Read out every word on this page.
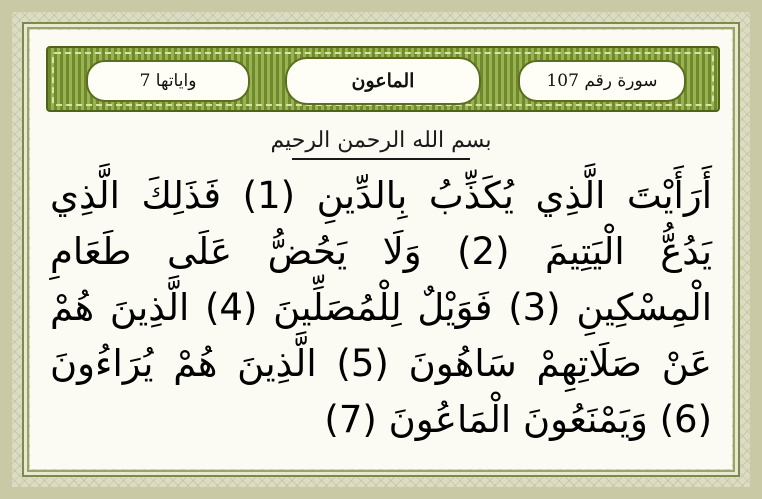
وایاتها 7	الماعون	سورة رقم 107
بسم الله الرحمن الرحيم

أَرَأَيْتَ الَّذِي يُكَذِّبُ بِالدِّينِ (1) فَذَلِكَ الَّذِي يَدُعُّ الْيَتِيمَ (2) وَلَا يَحُضُّ عَلَى طَعَامِ الْمِسْكِينِ (3) فَوَيْلٌ لِلْمُصَلِّينَ (4) الَّذِينَ هُمْ عَنْ صَلَاتِهِمْ سَاهُونَ (5) الَّذِينَ هُمْ يُرَاءُونَ (6) وَيَمْنَعُونَ الْمَاعُونَ (7)
